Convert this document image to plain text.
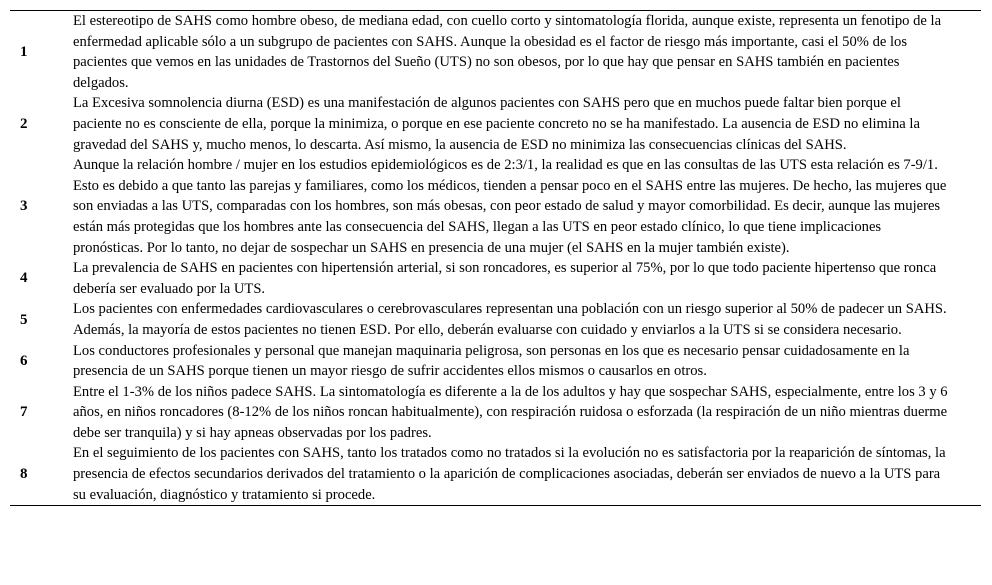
1	El estereotipo de SAHS como hombre obeso, de mediana edad, con cuello corto y sintomatología florida, aunque existe, representa un fenotipo de la enfermedad aplicable sólo a un subgrupo de pacientes con SAHS. Aunque la obesidad es el factor de riesgo más importante, casi el 50% de los pacientes que vemos en las unidades de Trastornos del Sueño (UTS) no son obesos, por lo que hay que pensar en SAHS también en pacientes delgados.
2	La Excesiva somnolencia diurna (ESD) es una manifestación de algunos pacientes con SAHS pero que en muchos puede faltar bien porque el paciente no es consciente de ella, porque la minimiza, o porque en ese paciente concreto no se ha manifestado. La ausencia de ESD no elimina la gravedad del SAHS y, mucho menos, lo descarta. Así mismo, la ausencia de ESD no minimiza las consecuencias clínicas del SAHS.
3	Aunque la relación hombre / mujer en los estudios epidemiológicos es de 2:3/1, la realidad es que en las consultas de las UTS esta relación es 7-9/1. Esto es debido a que tanto las parejas y familiares, como los médicos, tienden a pensar poco en el SAHS entre las mujeres. De hecho, las mujeres que son enviadas a las UTS, comparadas con los hombres, son más obesas, con peor estado de salud y mayor comorbilidad. Es decir, aunque las mujeres están más protegidas que los hombres ante las consecuencia del SAHS, llegan a las UTS en peor estado clínico, lo que tiene implicaciones pronósticas. Por lo tanto, no dejar de sospechar un SAHS en presencia de una mujer (el SAHS en la mujer también existe).
4	La prevalencia de SAHS en pacientes con hipertensión arterial, si son roncadores, es superior al 75%, por lo que todo paciente hipertenso que ronca debería ser evaluado por la UTS.
5	Los pacientes con enfermedades cardiovasculares o cerebrovasculares representan una población con un riesgo superior al 50% de padecer un SAHS. Además, la mayoría de estos pacientes no tienen ESD. Por ello, deberán evaluarse con cuidado y enviarlos a la UTS si se considera necesario.
6	Los conductores profesionales y personal que manejan maquinaria peligrosa, son personas en los que es necesario pensar cuidadosamente en la presencia de un SAHS porque tienen un mayor riesgo de sufrir accidentes ellos mismos o causarlos en otros.
7	Entre el 1-3% de los niños padece SAHS. La sintomatología es diferente a la de los adultos y hay que sospechar SAHS, especialmente, entre los 3 y 6 años, en niños roncadores (8-12% de los niños roncan habitualmente), con respiración ruidosa o esforzada (la respiración de un niño mientras duerme debe ser tranquila) y si hay apneas observadas por los padres.
8	En el seguimiento de los pacientes con SAHS, tanto los tratados como no tratados si la evolución no es satisfactoria por la reaparición de síntomas, la presencia de efectos secundarios derivados del tratamiento o la aparición de complicaciones asociadas, deberán ser enviados de nuevo a la UTS para su evaluación, diagnóstico y tratamiento si procede.
